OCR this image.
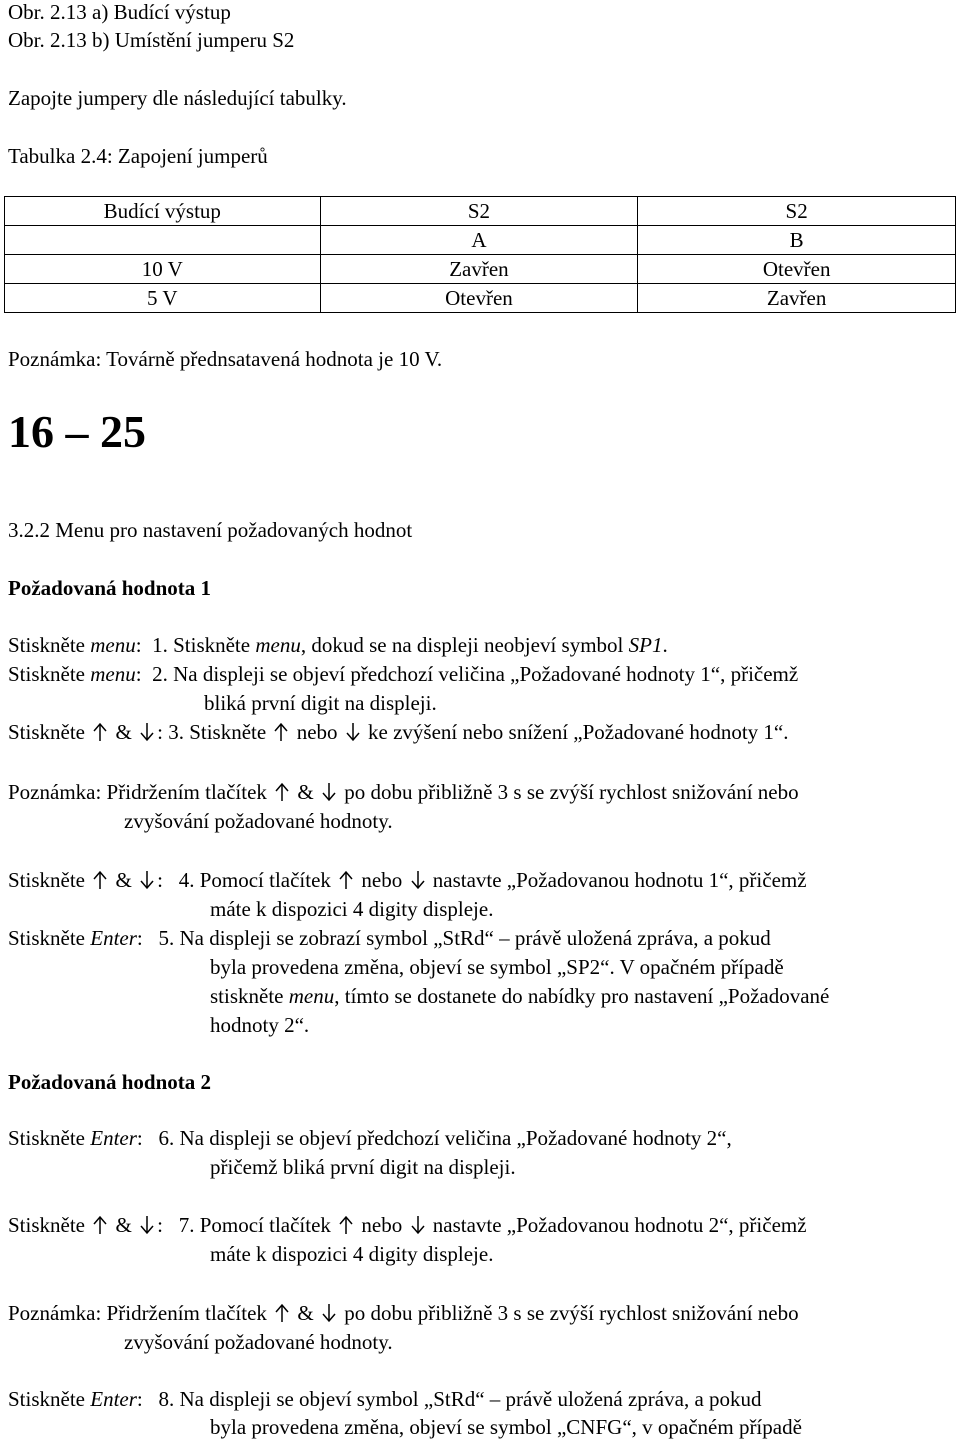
Obr. 2.13 a) Budící výstup
Obr. 2.13 b) Umístění jumperu S2
Zapojte jumpery dle následující tabulky.
Tabulka 2.4: Zapojení jumperů
Budící výstup	S2	S2
	A	B
10 V	Zavřen	Otevřen
5 V	Otevřen	Zavřen
Poznámka: Továrně přednsatavená hodnota je 10 V.
16 – 25
3.2.2 Menu pro nastavení požadovaných hodnot
Požadovaná hodnota 1
Stiskněte menu: 1. Stiskněte menu, dokud se na displeji neobjeví symbol SP1.
Stiskněte menu: 2. Na displeji se objeví předchozí veličina „Požadované hodnoty 1“, přičemž
bliká první digit na displeji.
Stiskněte
&
: 3. Stiskněte
nebo
ke zvýšení nebo snížení „Požadované hodnoty 1“.
Poznámka: Přidržením tlačítek
&
po dobu přibližně 3 s se zvýší rychlost snižování nebo
zvyšování požadované hodnoty.
Stiskněte
&
: 4. Pomocí tlačítek
nebo
nastavte „Požadovanou hodnotu 1“, přičemž
máte k dispozici 4 digity displeje.
Stiskněte Enter: 5. Na displeji se zobrazí symbol „StRd“ – právě uložená zpráva, a pokud
byla provedena změna, objeví se symbol „SP2“. V opačném případě
stiskněte menu, tímto se dostanete do nabídky pro nastavení „Požadované
hodnoty 2“.
Požadovaná hodnota 2
Stiskněte Enter: 6. Na displeji se objeví předchozí veličina „Požadované hodnoty 2“,
přičemž bliká první digit na displeji.
Stiskněte
&
: 7. Pomocí tlačítek
nebo
nastavte „Požadovanou hodnotu 2“, přičemž
máte k dispozici 4 digity displeje.
Poznámka: Přidržením tlačítek
&
po dobu přibližně 3 s se zvýší rychlost snižování nebo
zvyšování požadované hodnoty.
Stiskněte Enter: 8. Na displeji se objeví symbol „StRd“ – právě uložená zpráva, a pokud
byla provedena změna, objeví se symbol „CNFG“, v opačném případě
